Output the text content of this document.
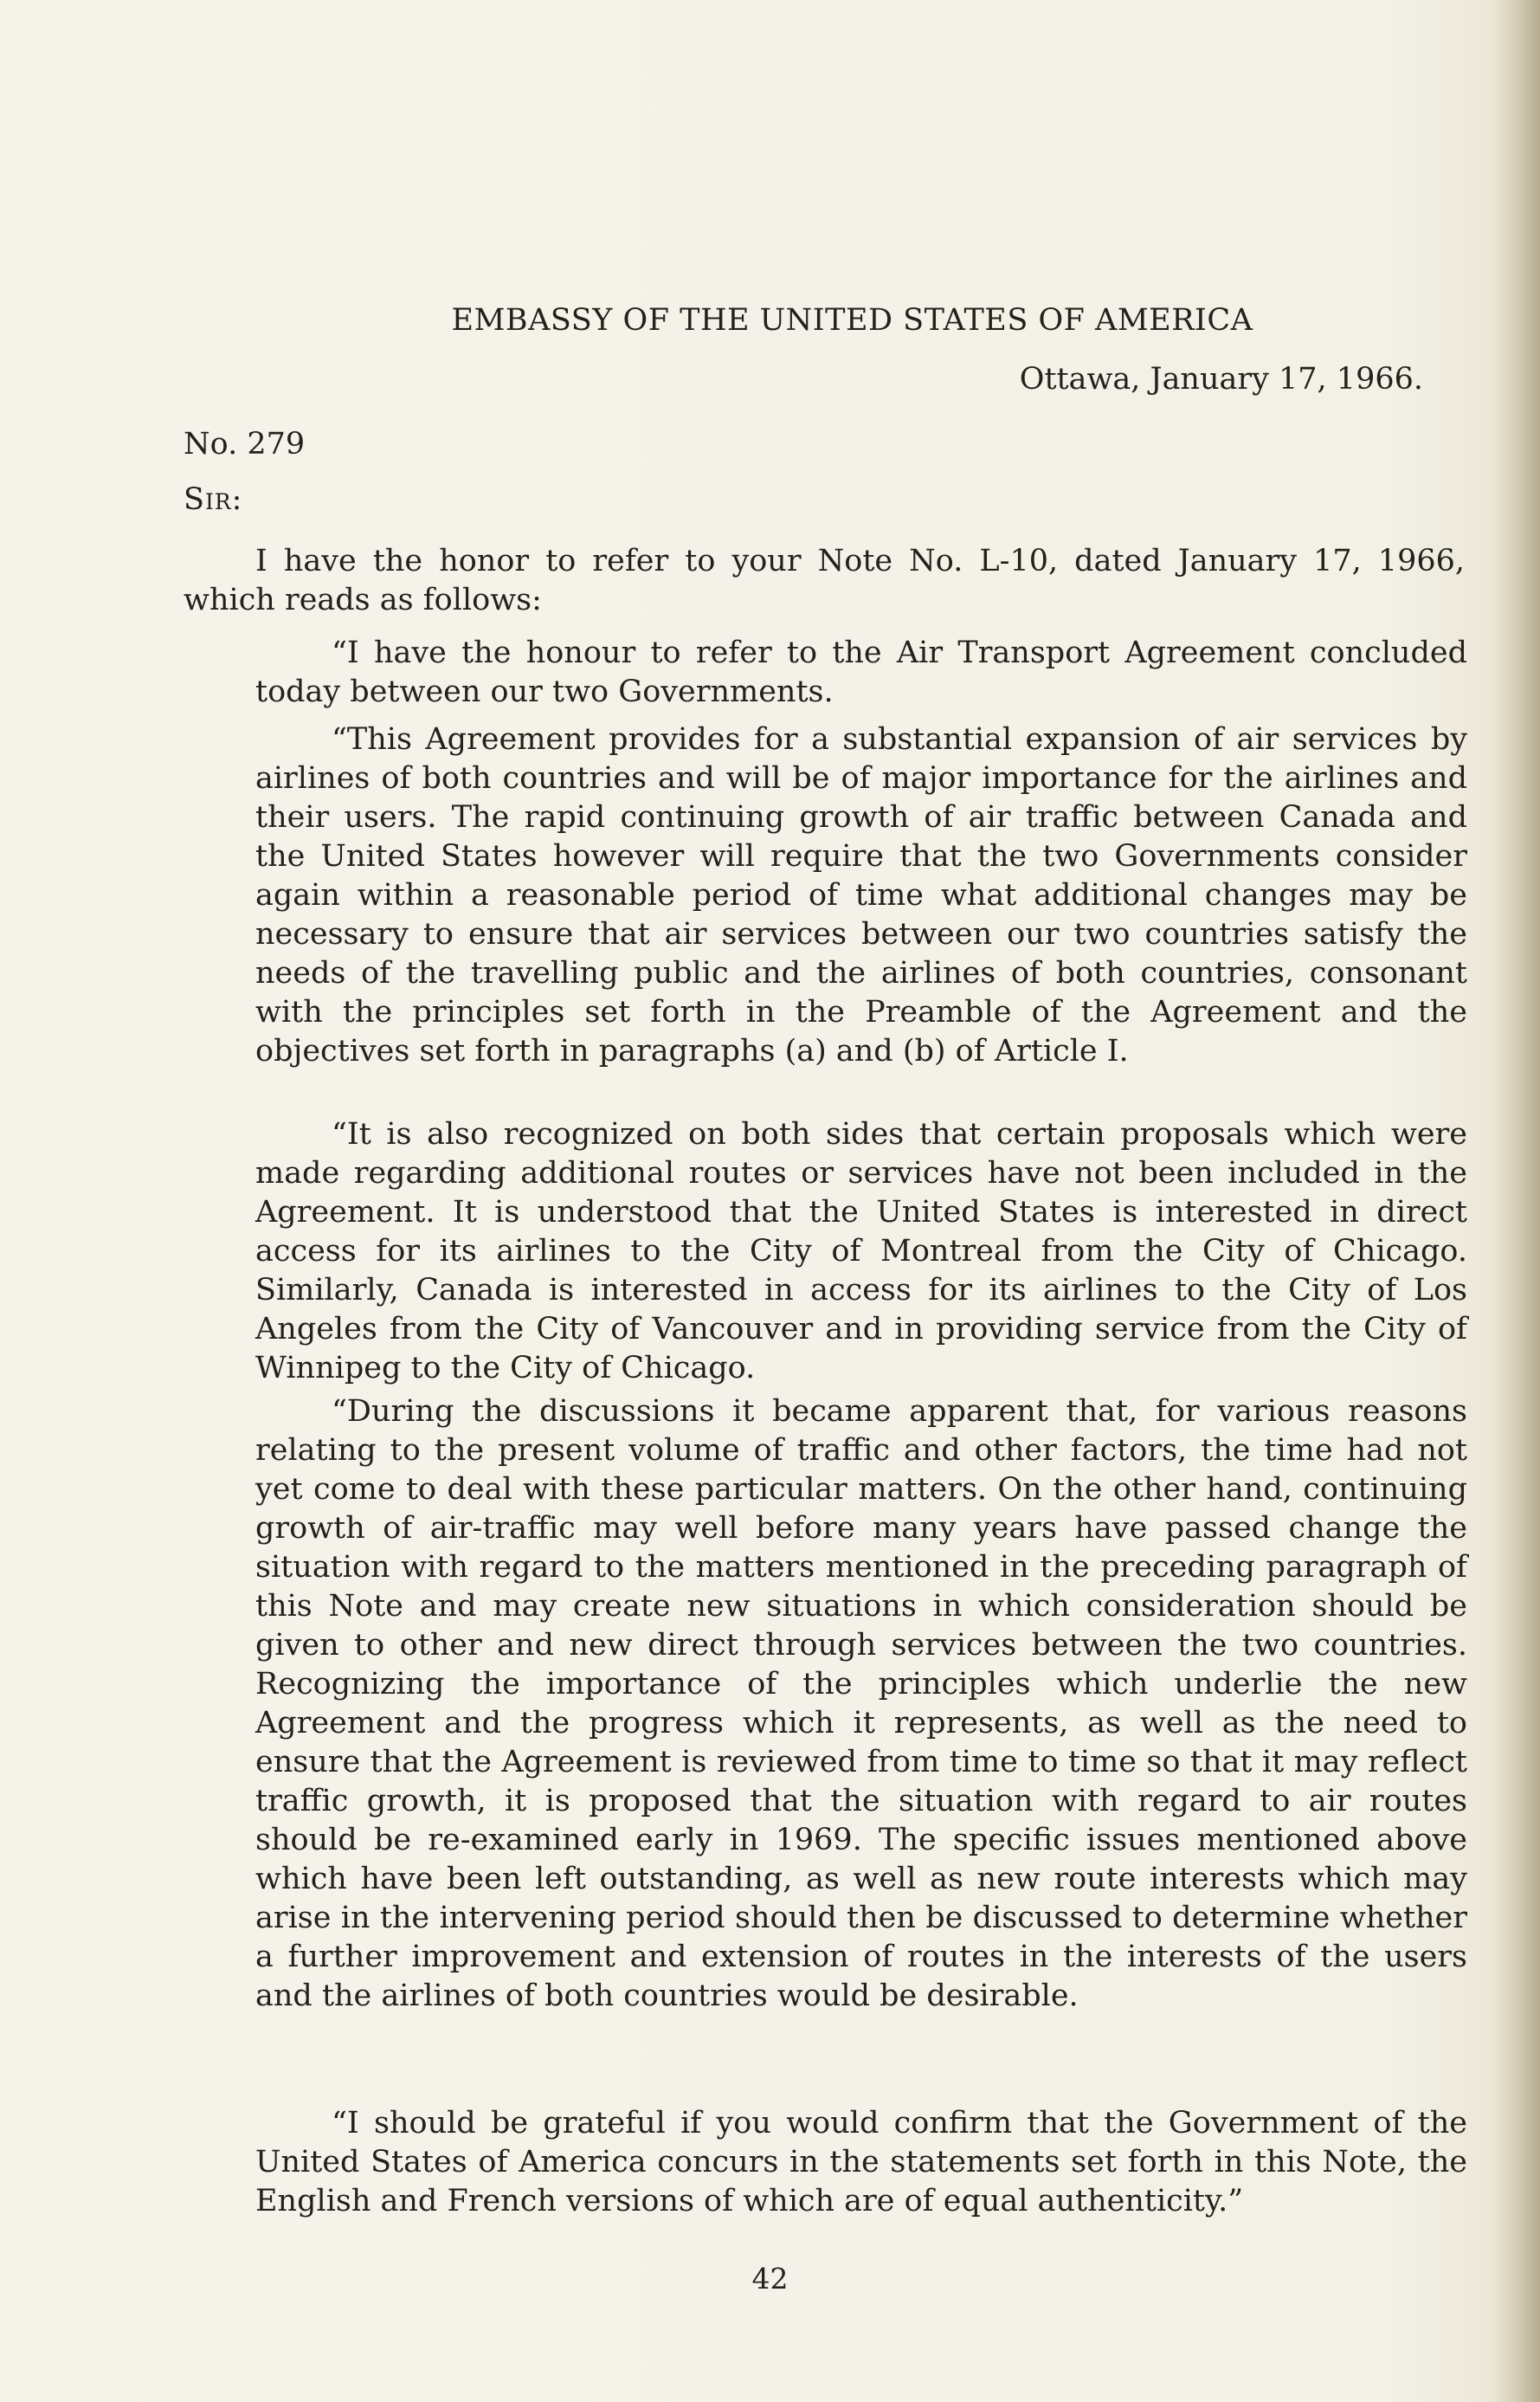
EMBASSY OF THE UNITED STATES OF AMERICA
Ottawa, January 17, 1966.
No. 279
Sir:
I have the honor to refer to your Note No. L-10, dated January 17, 1966, which reads as follows:

“I have the honour to refer to the Air Transport Agreement concluded today between our two Governments.

“This Agreement provides for a substantial expansion of air services by airlines of both countries and will be of major importance for the airlines and their users. The rapid continuing growth of air traffic between Canada and the United States however will require that the two Governments consider again within a reasonable period of time what additional changes may be necessary to ensure that air services between our two countries satisfy the needs of the travelling public and the airlines of both countries, consonant with the principles set forth in the Preamble of the Agreement and the objectives set forth in paragraphs (a) and (b) of Article I.

“It is also recognized on both sides that certain proposals which were made regarding additional routes or services have not been included in the Agreement. It is understood that the United States is interested in direct access for its airlines to the City of Montreal from the City of Chicago. Similarly, Canada is interested in access for its airlines to the City of Los Angeles from the City of Vancouver and in providing service from the City of Winnipeg to the City of Chicago.

“During the discussions it became apparent that, for various reasons relating to the present volume of traffic and other factors, the time had not yet come to deal with these particular matters. On the other hand, continuing growth of air-traffic may well before many years have passed change the situation with regard to the matters mentioned in the preceding paragraph of this Note and may create new situations in which consideration should be given to other and new direct through services between the two countries. Recognizing the importance of the principles which underlie the new Agreement and the progress which it represents, as well as the need to ensure that the Agreement is reviewed from time to time so that it may reflect traffic growth, it is proposed that the situation with regard to air routes should be re-examined early in 1969. The specific issues mentioned above which have been left outstanding, as well as new route interests which may arise in the intervening period should then be discussed to determine whether a further improvement and extension of routes in the interests of the users and the airlines of both countries would be desirable.

“I should be grateful if you would confirm that the Government of the United States of America concurs in the statements set forth in this Note, the English and French versions of which are of equal authenticity.”

42
